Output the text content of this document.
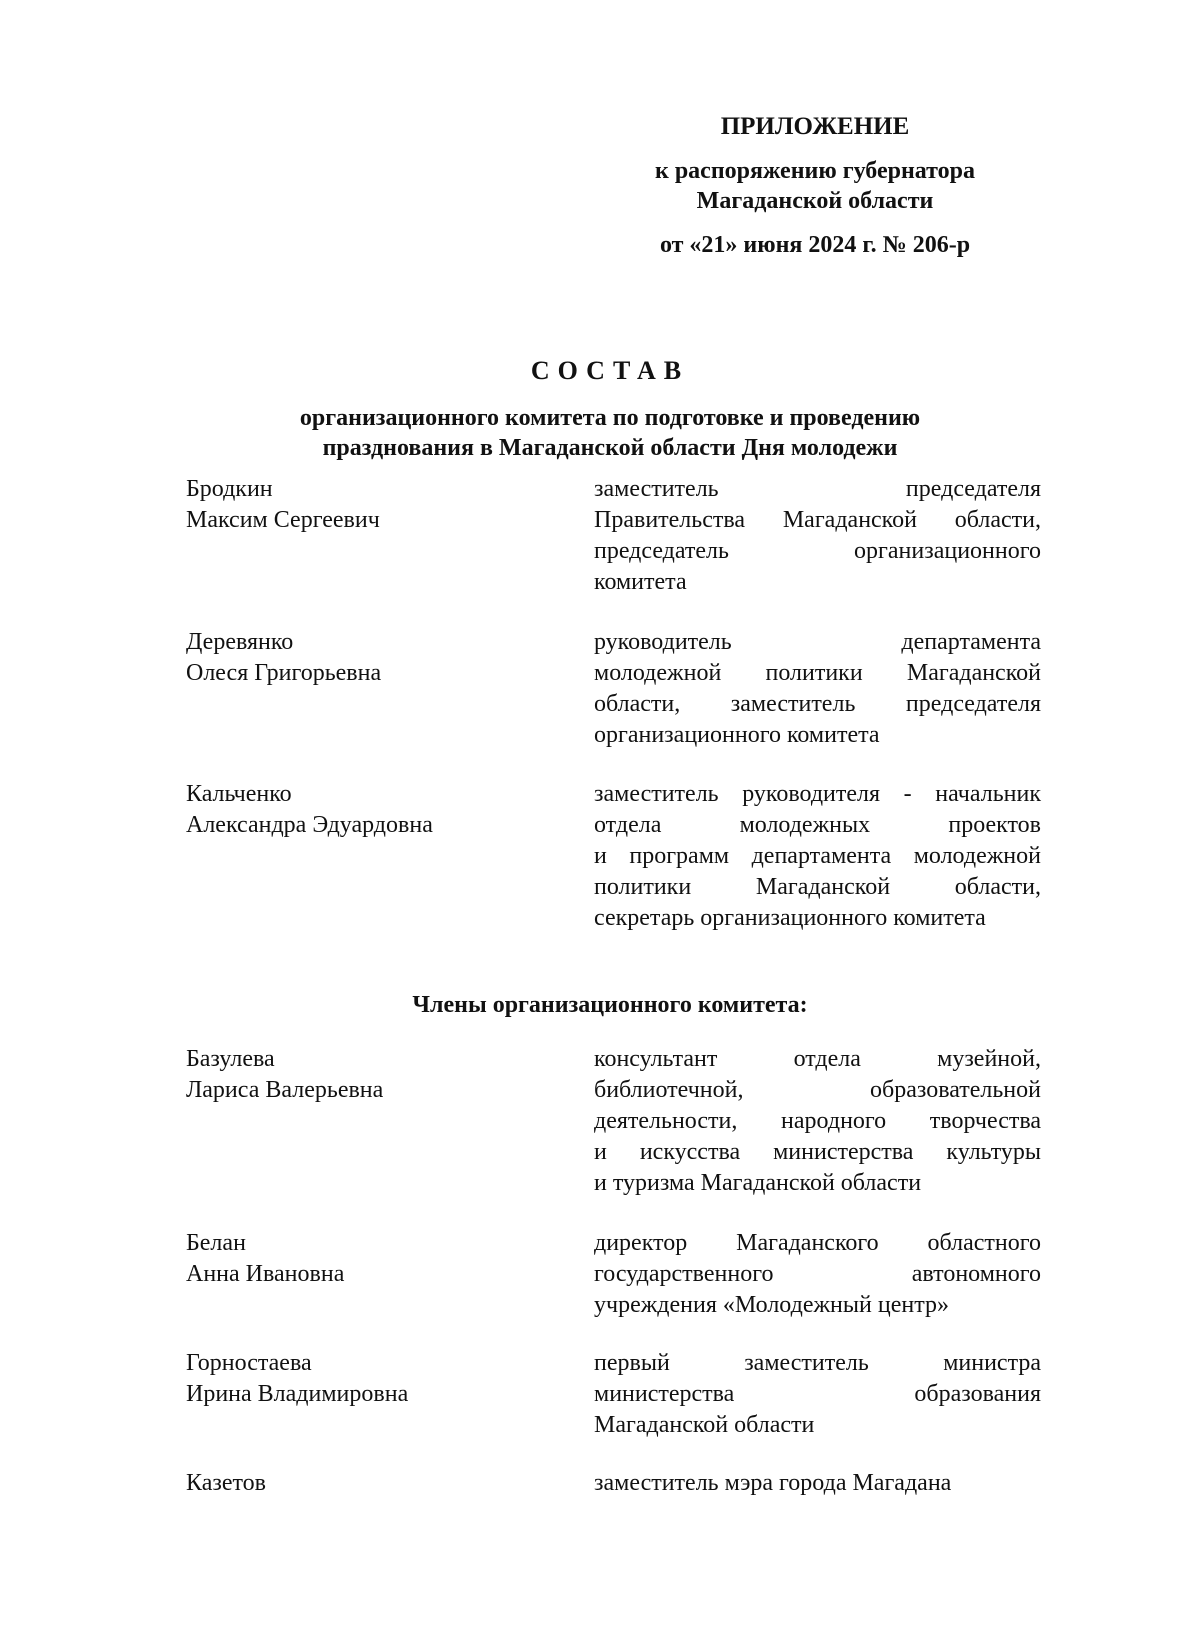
ПРИЛОЖЕНИЕ
к распоряжению губернатора
Магаданской области
от «21» июня 2024 г. № 206-р
СОСТАВ
организационного комитета по подготовке и проведению
празднования в Магаданской области Дня молодежи
Бродкин
Максим Сергеевич
заместитель председателя
Правительства Магаданской области,
председатель организационного
комитета
Деревянко
Олеся Григорьевна
руководитель департамента
молодежной политики Магаданской
области, заместитель председателя
организационного комитета
Кальченко
Александра Эдуардовна
заместитель руководителя - начальник
отдела молодежных проектов
и программ департамента молодежной
политики Магаданской области,
секретарь организационного комитета
Члены организационного комитета:
Базулева
Лариса Валерьевна
консультант отдела музейной,
библиотечной, образовательной
деятельности, народного творчества
и искусства министерства культуры
и туризма Магаданской области
Белан
Анна Ивановна
директор Магаданского областного
государственного автономного
учреждения «Молодежный центр»
Горностаева
Ирина Владимировна
первый заместитель министра
министерства образования
Магаданской области
Казетов	заместитель мэра города Магадана
